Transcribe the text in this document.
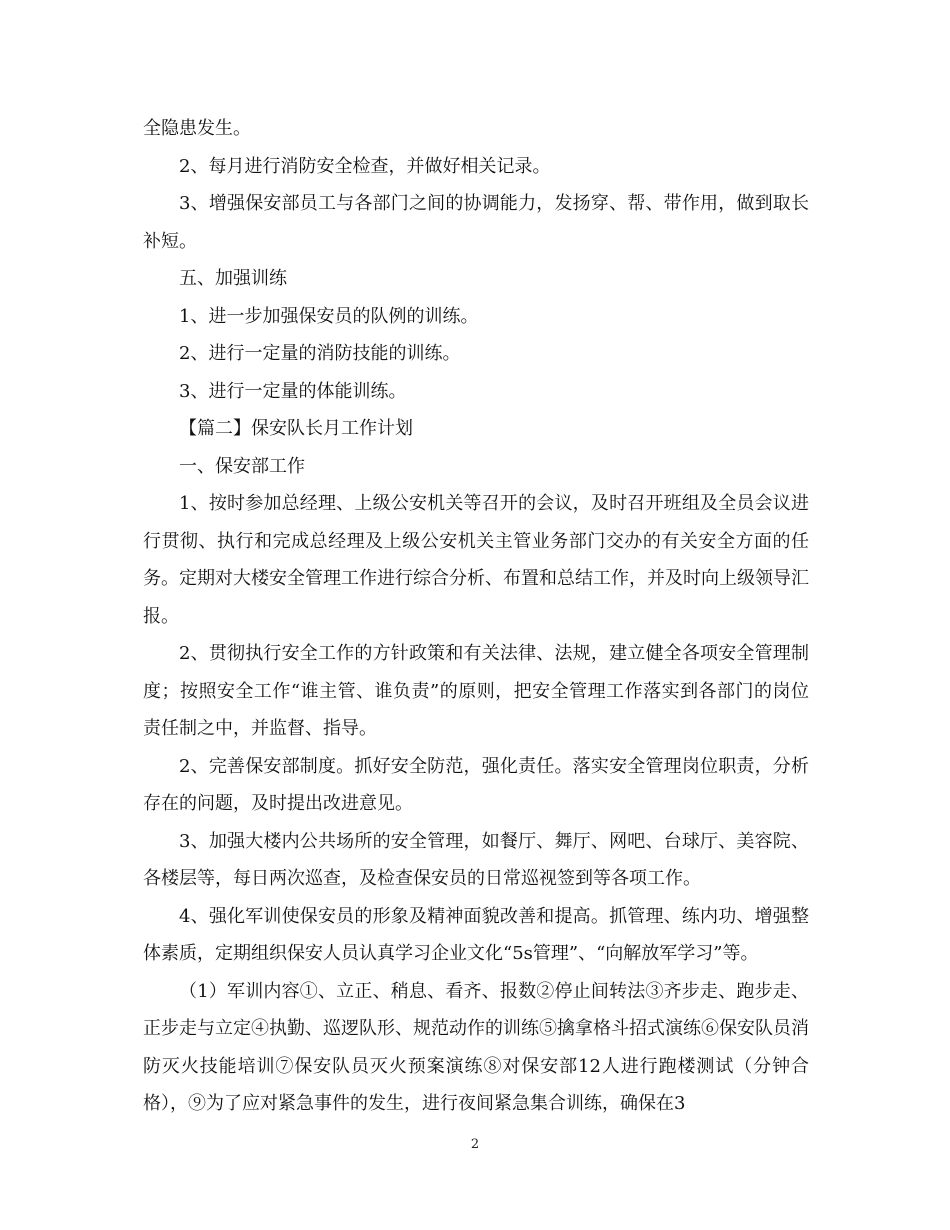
全隐患发生。

2、每月进行消防安全检查，并做好相关记录。

3、增强保安部员工与各部门之间的协调能力，发扬穿、帮、带作用，做到取长补短。

五、加强训练

1、进一步加强保安员的队例的训练。

2、进行一定量的消防技能的训练。

3、进行一定量的体能训练。

【篇二】保安队长月工作计划

一、保安部工作

1、按时参加总经理、上级公安机关等召开的会议，及时召开班组及全员会议进行贯彻、执行和完成总经理及上级公安机关主管业务部门交办的有关安全方面的任务。定期对大楼安全管理工作进行综合分析、布置和总结工作，并及时向上级领导汇报。

2、贯彻执行安全工作的方针政策和有关法律、法规，建立健全各项安全管理制度；按照安全工作“谁主管、谁负责”的原则，把安全管理工作落实到各部门的岗位责任制之中，并监督、指导。

2、完善保安部制度。抓好安全防范，强化责任。落实安全管理岗位职责，分析存在的问题，及时提出改进意见。

3、加强大楼内公共场所的安全管理，如餐厅、舞厅、网吧、台球厅、美容院、各楼层等，每日两次巡查，及检查保安员的日常巡视签到等各项工作。

4、强化军训使保安员的形象及精神面貌改善和提高。抓管理、练内功、增强整体素质，定期组织保安人员认真学习企业文化“5s管理”、“向解放军学习”等。

（1）军训内容①、立正、稍息、看齐、报数②停止间转法③齐步走、跑步走、正步走与立定④执勤、巡逻队形、规范动作的训练⑤擒拿格斗招式演练⑥保安队员消防灭火技能培训⑦保安队员灭火预案演练⑧对保安部12人进行跑楼测试（分钟合格），⑨为了应对紧急事件的发生，进行夜间紧急集合训练，确保在3

2
